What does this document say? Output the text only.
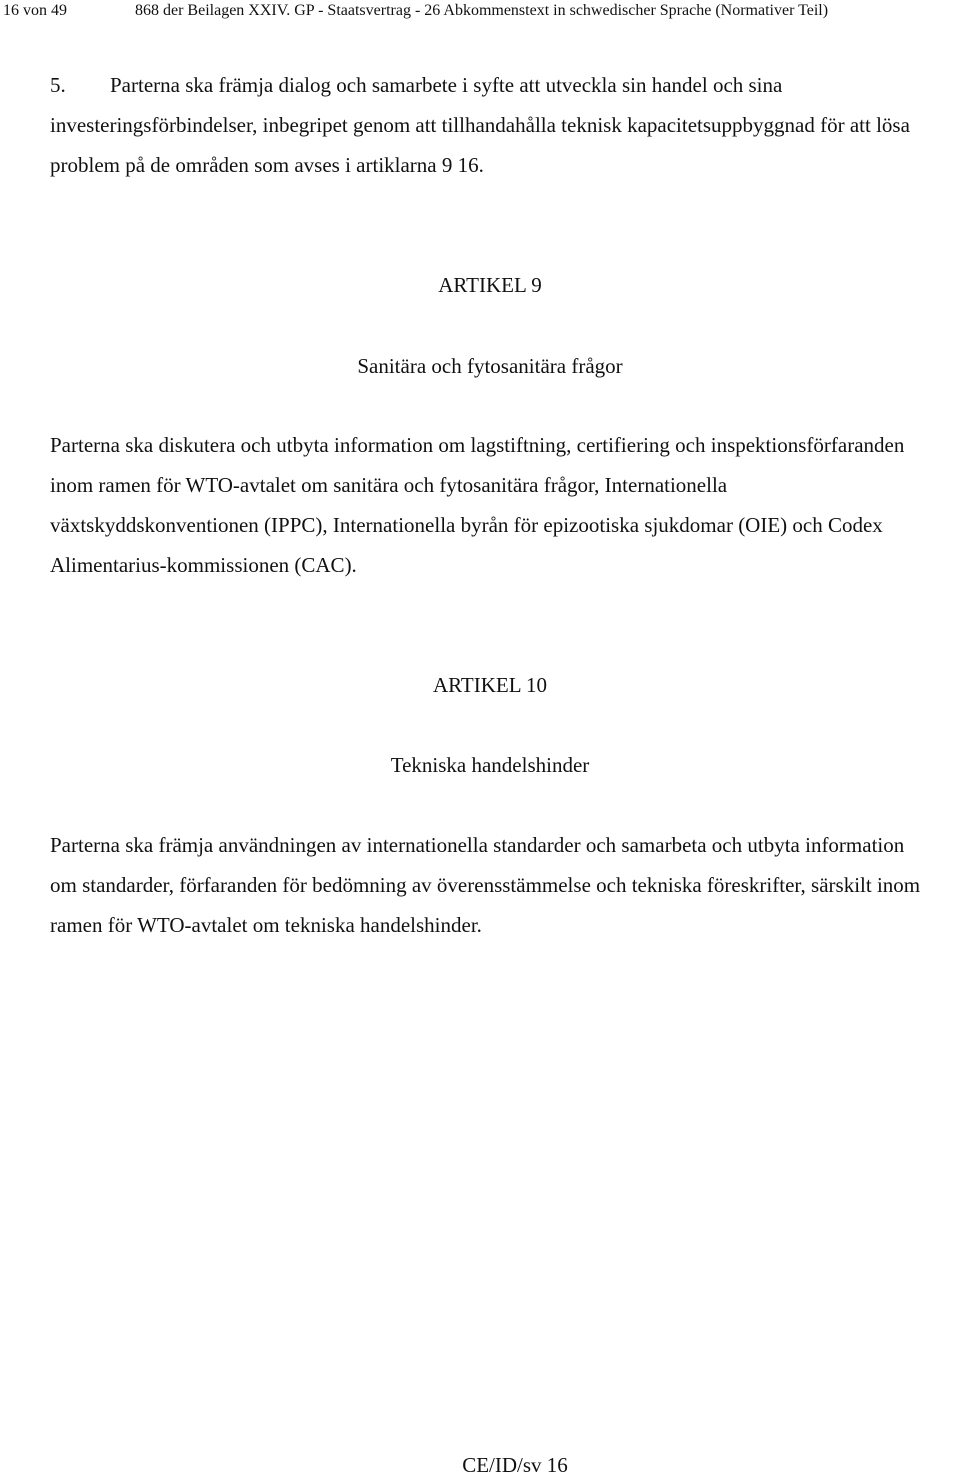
16 von 49	868 der Beilagen XXIV. GP - Staatsvertrag - 26 Abkommenstext in schwedischer Sprache (Normativer Teil)

5. Parterna ska främja dialog och samarbete i syfte att utveckla sin handel och sina investeringsförbindelser, inbegripet genom att tillhandahålla teknisk kapacitetsuppbyggnad för att lösa problem på de områden som avses i artiklarna 9 16.

ARTIKEL 9
Sanitära och fytosanitära frågor

Parterna ska diskutera och utbyta information om lagstiftning, certifiering och inspektionsförfaranden inom ramen för WTO-avtalet om sanitära och fytosanitära frågor, Internationella växtskyddskonventionen (IPPC), Internationella byrån för epizootiska sjukdomar (OIE) och Codex Alimentarius-kommissionen (CAC).

ARTIKEL 10
Tekniska handelshinder

Parterna ska främja användningen av internationella standarder och samarbeta och utbyta information om standarder, förfaranden för bedömning av överensstämmelse och tekniska föreskrifter, särskilt inom ramen för WTO-avtalet om tekniska handelshinder.

CE/ID/sv 16
